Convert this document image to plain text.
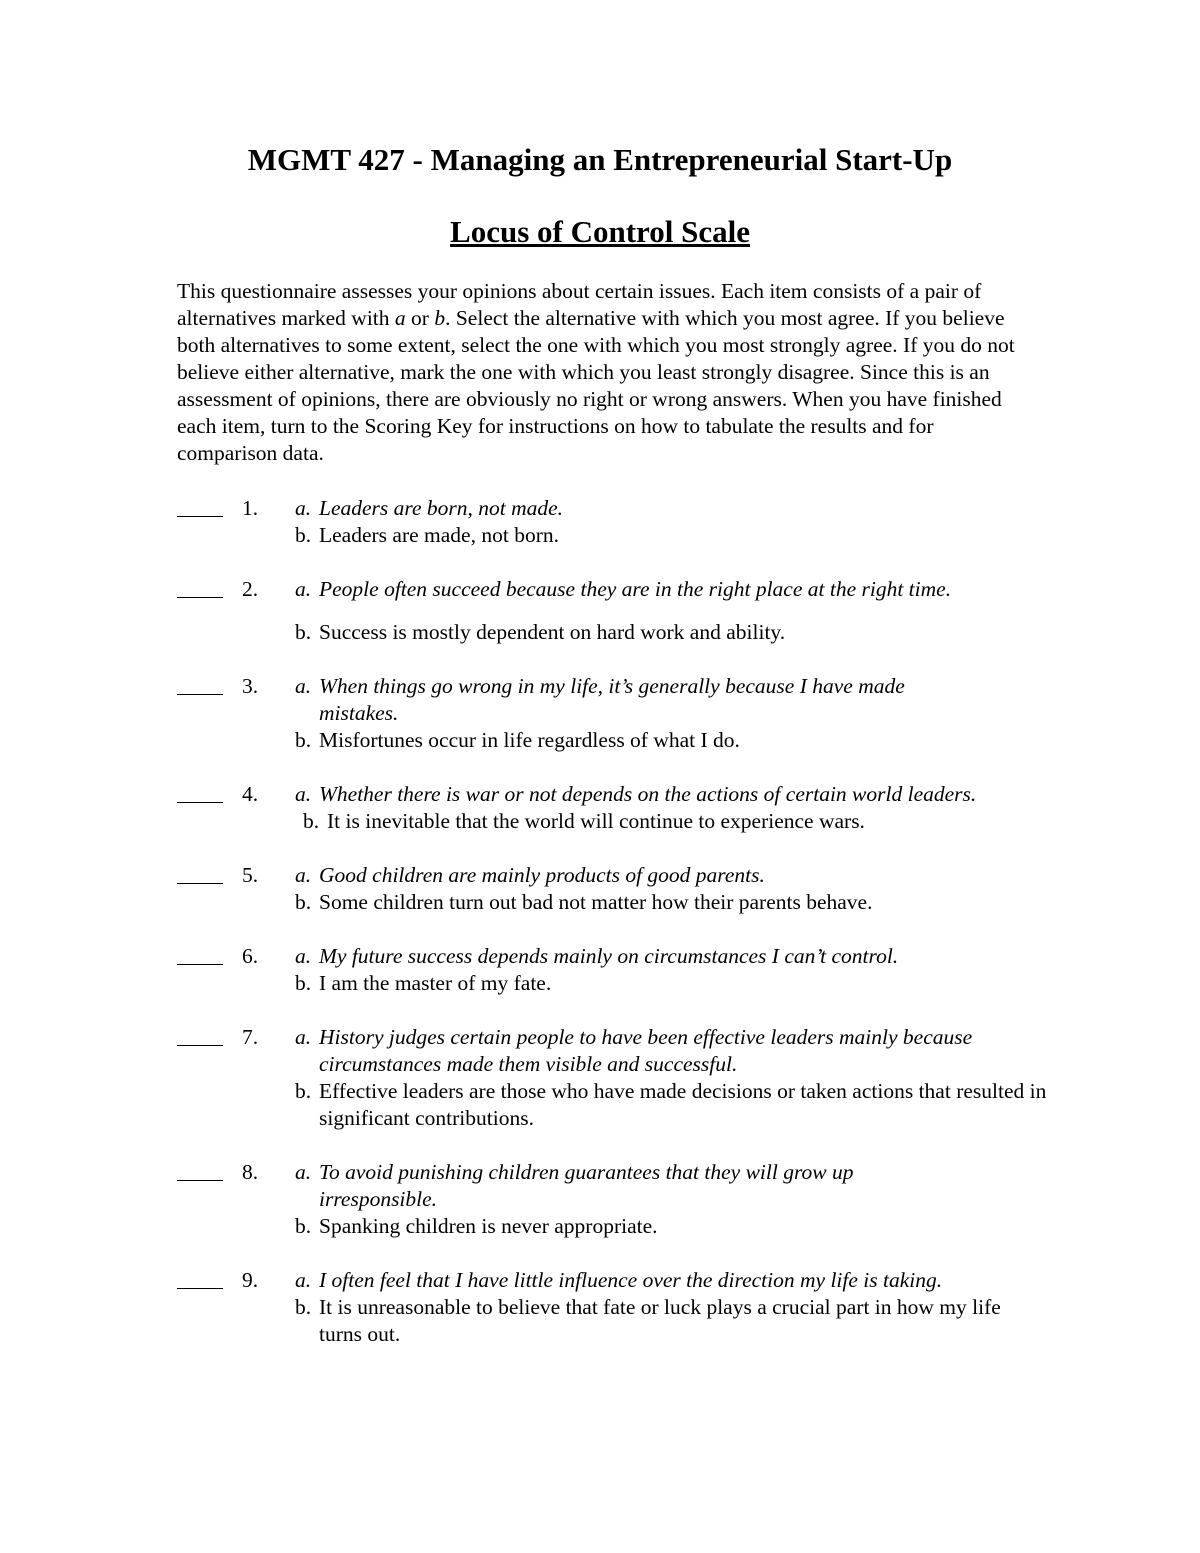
MGMT 427 - Managing an Entrepreneurial Start-Up
Locus of Control Scale

This questionnaire assesses your opinions about certain issues. Each item consists of a pair of alternatives marked with a or b. Select the alternative with which you most agree. If you believe both alternatives to some extent, select the one with which you most strongly agree. If you do not believe either alternative, mark the one with which you least strongly disagree. Since this is an assessment of opinions, there are obviously no right or wrong answers. When you have finished each item, turn to the Scoring Key for instructions on how to tabulate the results and for comparison data.

1.	a. Leaders are born, not made.
b. Leaders are made, not born.
2.	a. People often succeed because they are in the right place at the right time.
b. Success is mostly dependent on hard work and ability.
3.	a. When things go wrong in my life, it’s generally because I have made mistakes.
b. Misfortunes occur in life regardless of what I do.
4.	a. Whether there is war or not depends on the actions of certain world leaders.
b. It is inevitable that the world will continue to experience wars.
5.	a. Good children are mainly products of good parents.
b. Some children turn out bad not matter how their parents behave.
6.	a. My future success depends mainly on circumstances I can’t control.
b. I am the master of my fate.
7.	a. History judges certain people to have been effective leaders mainly because circumstances made them visible and successful.
b. Effective leaders are those who have made decisions or taken actions that resulted in significant contributions.
8.	a. To avoid punishing children guarantees that they will grow up irresponsible.
b. Spanking children is never appropriate.
9.	a. I often feel that I have little influence over the direction my life is taking.
b. It is unreasonable to believe that fate or luck plays a crucial part in how my life turns out.
